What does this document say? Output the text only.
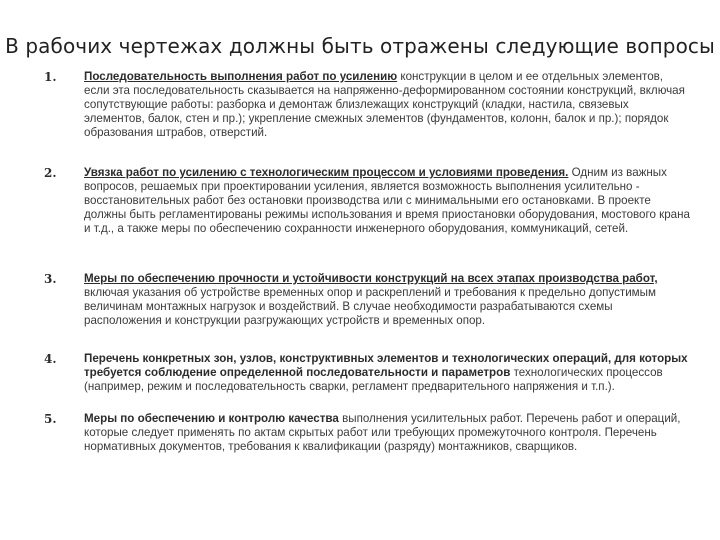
В рабочих чертежах должны быть отражены следующие вопросы
1. Последовательность выполнения работ по усилению конструкции в целом и ее отдельных элементов, если эта последовательность сказывается на напряженно-деформированном состоянии конструкций, включая сопутствующие работы: разборка и демонтаж близлежащих конструкций (кладки, настила, связевых элементов, балок, стен и пр.); укрепление смежных элементов (фундаментов, колонн, балок и пр.); порядок образования штрабов, отверстий.
2. Увязка работ по усилению с технологическим процессом и условиями проведения. Одним из важных вопросов, решаемых при проектировании усиления, является возможность выполнения усилительно - восстановительных работ без остановки производства или с минимальными его остановками. В проекте должны быть регламентированы режимы использования и время приостановки оборудования, мостового крана и т.д., а также меры по обеспечению сохранности инженерного оборудования, коммуникаций, сетей.
3. Меры по обеспечению прочности и устойчивости конструкций на всех этапах производства работ, включая указания об устройстве временных опор и раскреплений и требования к предельно допустимым величинам монтажных нагрузок и воздействий. В случае необходимости разрабатываются схемы расположения и конструкции разгружающих устройств и временных опор.
4. Перечень конкретных зон, узлов, конструктивных элементов и технологических операций, для которых требуется соблюдение определенной последовательности и параметров технологических процессов (например, режим и последовательность сварки, регламент предварительного напряжения и т.п.).
5. Меры по обеспечению и контролю качества выполнения усилительных работ. Перечень работ и операций, которые следует применять по актам скрытых работ или требующих промежуточного контроля. Перечень нормативных документов, требования к квалификации (разряду) монтажников, сварщиков.
